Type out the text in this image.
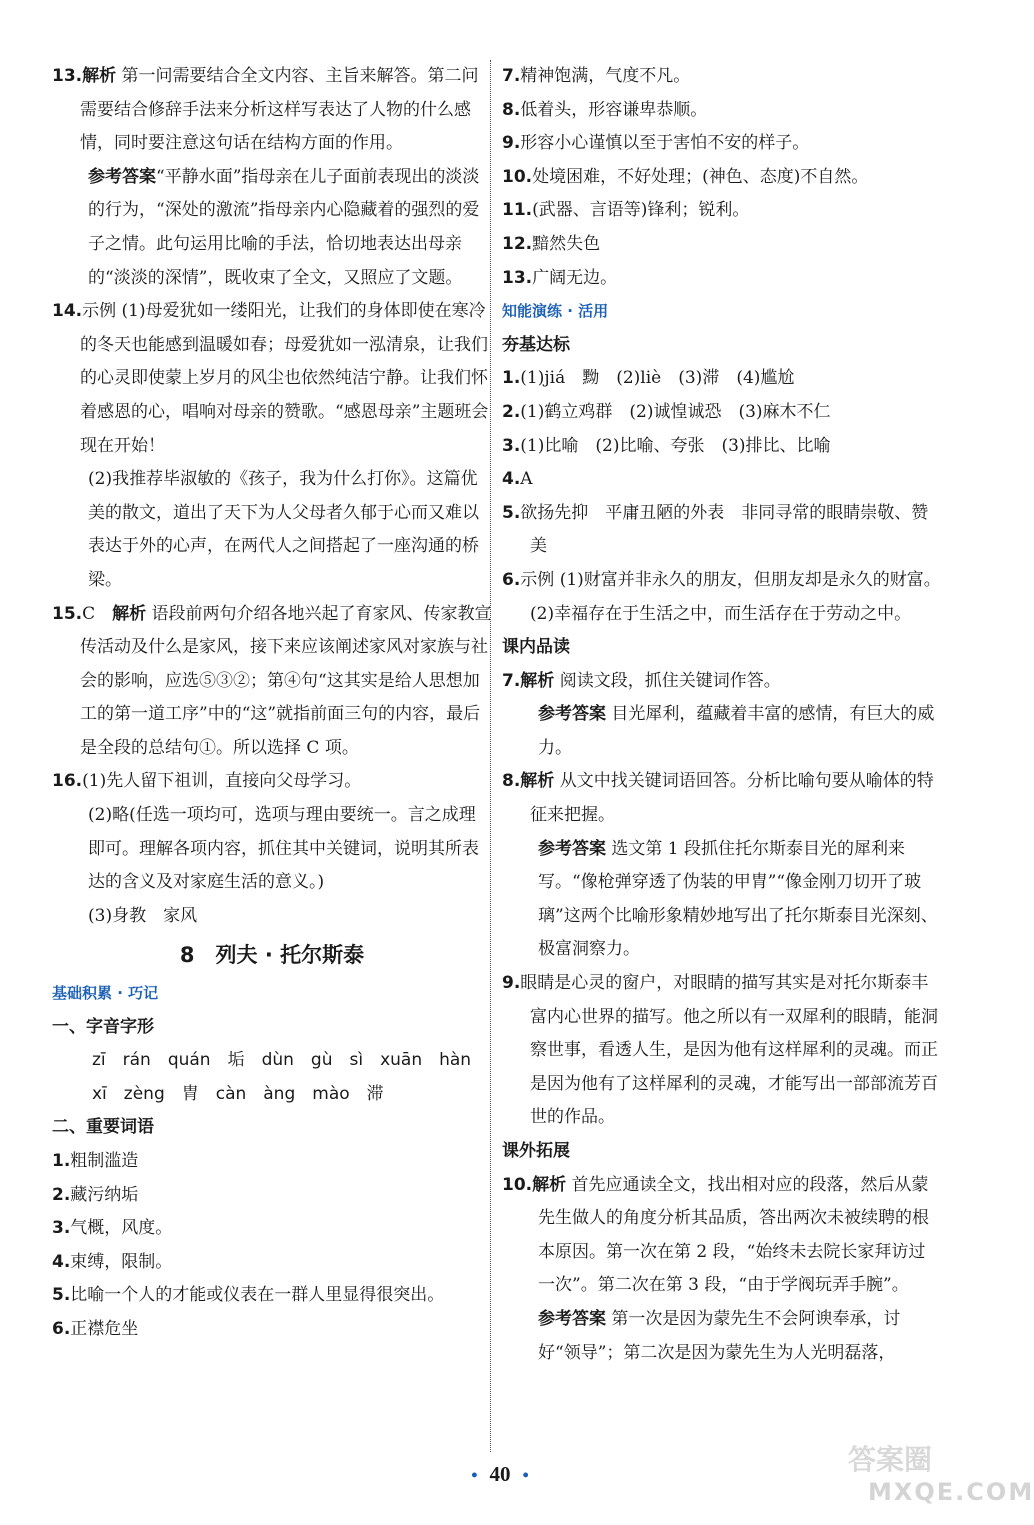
13.解析 第一问需要结合全文内容、主旨来解答。第二问需要结合修辞手法来分析这样写表达了人物的什么感情，同时要注意这句话在结构方面的作用。

参考答案“平静水面”指母亲在儿子面前表现出的淡淡的行为，“深处的激流”指母亲内心隐藏着的强烈的爱子之情。此句运用比喻的手法，恰切地表达出母亲的“淡淡的深情”，既收束了全文，又照应了文题。

14.示例 (1)母爱犹如一缕阳光，让我们的身体即使在寒冷的冬天也能感到温暖如春；母爱犹如一泓清泉，让我们的心灵即使蒙上岁月的风尘也依然纯洁宁静。让我们怀着感恩的心，唱响对母亲的赞歌。“感恩母亲”主题班会现在开始！

(2)我推荐毕淑敏的《孩子，我为什么打你》。这篇优美的散文，道出了天下为人父母者久郁于心而又难以表达于外的心声，在两代人之间搭起了一座沟通的桥梁。

15.C　解析 语段前两句介绍各地兴起了育家风、传家教宣传活动及什么是家风，接下来应该阐述家风对家族与社会的影响，应选⑤③②；第④句“这其实是给人思想加工的第一道工序”中的“这”就指前面三句的内容，最后是全段的总结句①。所以选择 C 项。

16.(1)先人留下祖训，直接向父母学习。

(2)略(任选一项均可，选项与理由要统一。言之成理即可。理解各项内容，抓住其中关键词，说明其所表达的含义及对家庭生活的意义。)

(3)身教　家风

8　列夫 · 托尔斯泰

基础积累 · 巧记

一、字音字形

zī　rán　quán　垢　dùn　gù　sì　xuān　hàn

xī　zèng　胄　càn　àng　mào　滞

二、重要词语

1.粗制滥造

2.藏污纳垢

3.气概，风度。

4.束缚，限制。

5.比喻一个人的才能或仪表在一群人里显得很突出。

6.正襟危坐

7.精神饱满，气度不凡。

8.低着头，形容谦卑恭顺。

9.形容小心谨慎以至于害怕不安的样子。

10.处境困难，不好处理；(神色、态度)不自然。

11.(武器、言语等)锋利；锐利。

12.黯然失色

13.广阔无边。

知能演练 · 活用

夯基达标

1.(1)jiá　黝　(2)liè　(3)滞　(4)尴尬

2.(1)鹤立鸡群　(2)诚惶诚恐　(3)麻木不仁

3.(1)比喻　(2)比喻、夸张　(3)排比、比喻

4.A

5.欲扬先抑　平庸丑陋的外表　非同寻常的眼睛崇敬、赞美

6.示例 (1)财富并非永久的朋友，但朋友却是永久的财富。(2)幸福存在于生活之中，而生活存在于劳动之中。

课内品读

7.解析 阅读文段，抓住关键词作答。

参考答案 目光犀利，蕴藏着丰富的感情，有巨大的威力。

8.解析 从文中找关键词语回答。分析比喻句要从喻体的特征来把握。

参考答案 选文第 1 段抓住托尔斯泰目光的犀利来写。“像枪弹穿透了伪装的甲胄”“像金刚刀切开了玻璃”这两个比喻形象精妙地写出了托尔斯泰目光深刻、极富洞察力。

9.眼睛是心灵的窗户，对眼睛的描写其实是对托尔斯泰丰富内心世界的描写。他之所以有一双犀利的眼睛，能洞察世事，看透人生，是因为他有这样犀利的灵魂。而正是因为他有了这样犀利的灵魂，才能写出一部部流芳百世的作品。

课外拓展

10.解析 首先应通读全文，找出相对应的段落，然后从蒙先生做人的角度分析其品质，答出两次未被续聘的根本原因。第一次在第 2 段，“始终未去院长家拜访过一次”。第二次在第 3 段，“由于学阀玩弄手腕”。

参考答案 第一次是因为蒙先生不会阿谀奉承，讨好“领导”；第二次是因为蒙先生为人光明磊落，

• 40 •	答案圈
MXQE.COM
